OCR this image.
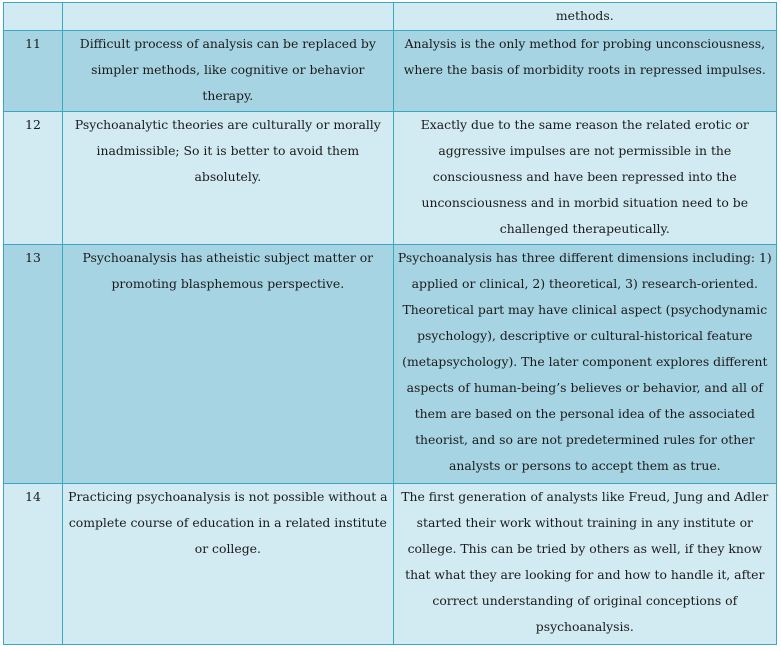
		methods.
11	Difficult process of analysis can be replaced by simpler methods, like cognitive or behavior therapy.	Analysis is the only method for probing unconsciousness, where the basis of morbidity roots in repressed impulses.
12	Psychoanalytic theories are culturally or morally inadmissible; So it is better to avoid them absolutely.	Exactly due to the same reason the related erotic or aggressive impulses are not permissible in the consciousness and have been repressed into the unconsciousness and in morbid situation need to be challenged therapeutically.
13	Psychoanalysis has atheistic subject matter or promoting blasphemous perspective.	Psychoanalysis has three different dimensions including: 1) applied or clinical, 2) theoretical, 3) research-oriented. Theoretical part may have clinical aspect (psychodynamic psychology), descriptive or cultural-historical feature (metapsychology). The later component explores different aspects of human-being’s believes or behavior, and all of them are based on the personal idea of the associated theorist, and so are not predetermined rules for other analysts or persons to accept them as true.
14	Practicing psychoanalysis is not possible without a complete course of education in a related institute or college.	The first generation of analysts like Freud, Jung and Adler started their work without training in any institute or college. This can be tried by others as well, if they know that what they are looking for and how to handle it, after correct understanding of original conceptions of psychoanalysis.
